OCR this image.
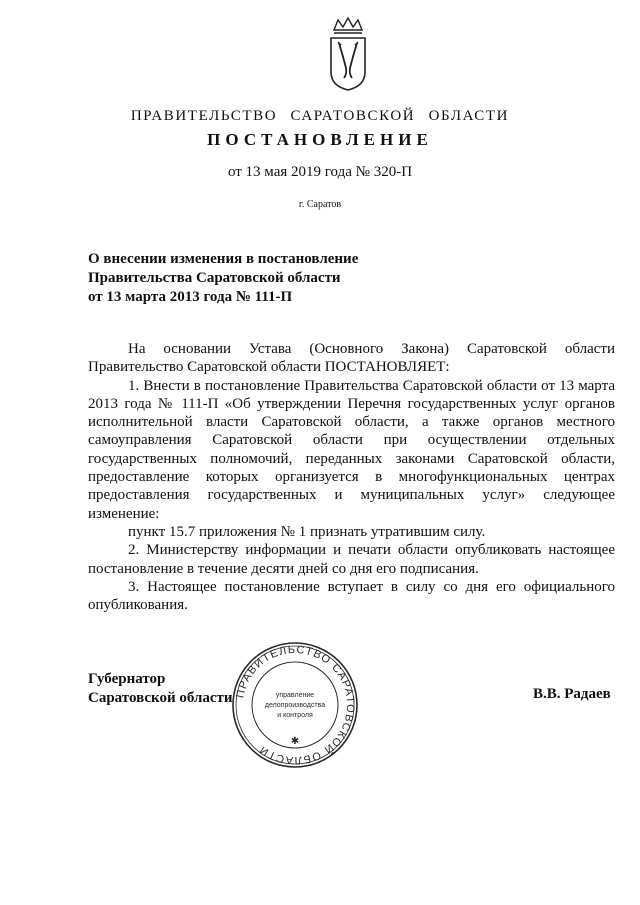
ПРАВИТЕЛЬСТВО САРАТОВСКОЙ ОБЛАСТИ
ПОСТАНОВЛЕНИЕ
от 13 мая 2019 года № 320-П
г. Саратов
О внесении изменения в постановление
Правительства Саратовской области
от 13 марта 2013 года № 111-П

На основании Устава (Основного Закона) Саратовской области Правительство Саратовской области ПОСТАНОВЛЯЕТ:

1. Внести в постановление Правительства Саратовской области от 13 марта 2013 года № 111-П «Об утверждении Перечня государственных услуг органов исполнительной власти Саратовской области, а также органов местного самоуправления Саратовской области при осуществлении отдельных государственных полномочий, переданных законами Саратовской области, предоставление которых организуется в многофункциональных центрах предоставления государственных и муниципальных услуг» следующее изменение:

пункт 15.7 приложения № 1 признать утратившим силу.

2. Министерству информации и печати области опубликовать настоящее постановление в течение десяти дней со дня его подписания.

3. Настоящее постановление вступает в силу со дня его официального опубликования.

Губернатор
Саратовской области	В.В. Радаев
ПРАВИТЕЛЬСТВО САРАТОВСКОЙ ОБЛАСТИ
управление
делопроизводства
и контроля
✱
